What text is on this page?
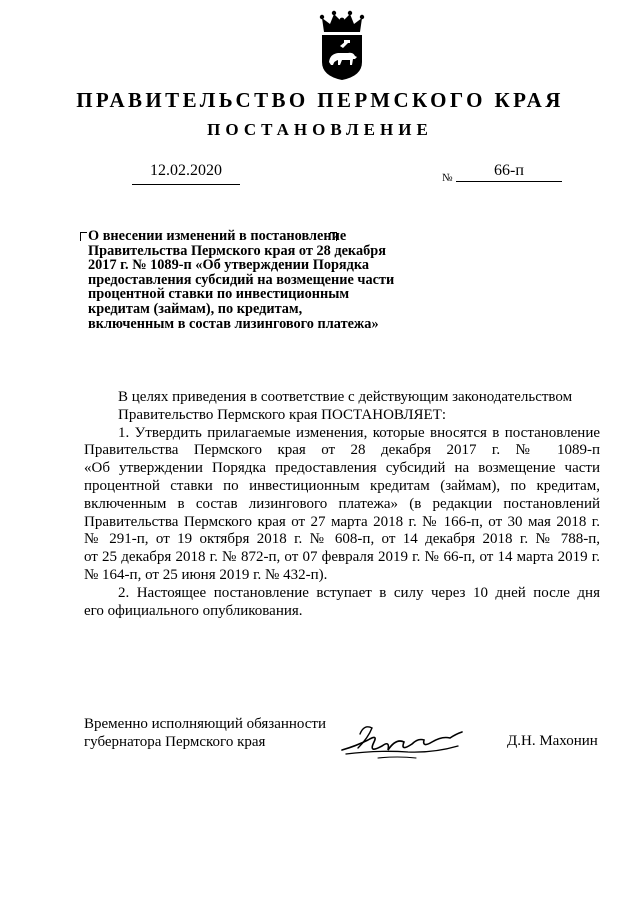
ПРАВИТЕЛЬСТВО ПЕРМСКОГО КРАЯ
ПОСТАНОВЛЕНИЕ
12.02.2020	№	66-п
О внесении изменений в постановление
Правительства Пермского края от 28 декабря
2017 г. № 1089-п «Об утверждении Порядка
предоставления субсидий на возмещение части
процентной ставки по инвестиционным
кредитам (займам), по кредитам,
включенным в состав лизингового платежа»
В целях приведения в соответствие с действующим законодательством
Правительство Пермского края ПОСТАНОВЛЯЕТ:
1. Утвердить прилагаемые изменения, которые вносятся в постановление
Правительства Пермского края от 28 декабря 2017 г. № 1089-п
«Об утверждении Порядка предоставления субсидий на возмещение части
процентной ставки по инвестиционным кредитам (займам), по кредитам,
включенным в состав лизингового платежа» (в редакции постановлений
Правительства Пермского края от 27 марта 2018 г. № 166-п, от 30 мая 2018 г.
№ 291-п, от 19 октября 2018 г. № 608-п, от 14 декабря 2018 г. № 788-п,
от 25 декабря 2018 г. № 872-п, от 07 февраля 2019 г. № 66-п, от 14 марта 2019 г.
№ 164-п, от 25 июня 2019 г. № 432-п).
2. Настоящее постановление вступает в силу через 10 дней после дня
его официального опубликования.
Временно исполняющий обязанности
губернатора Пермского края	Д.Н. Махонин
